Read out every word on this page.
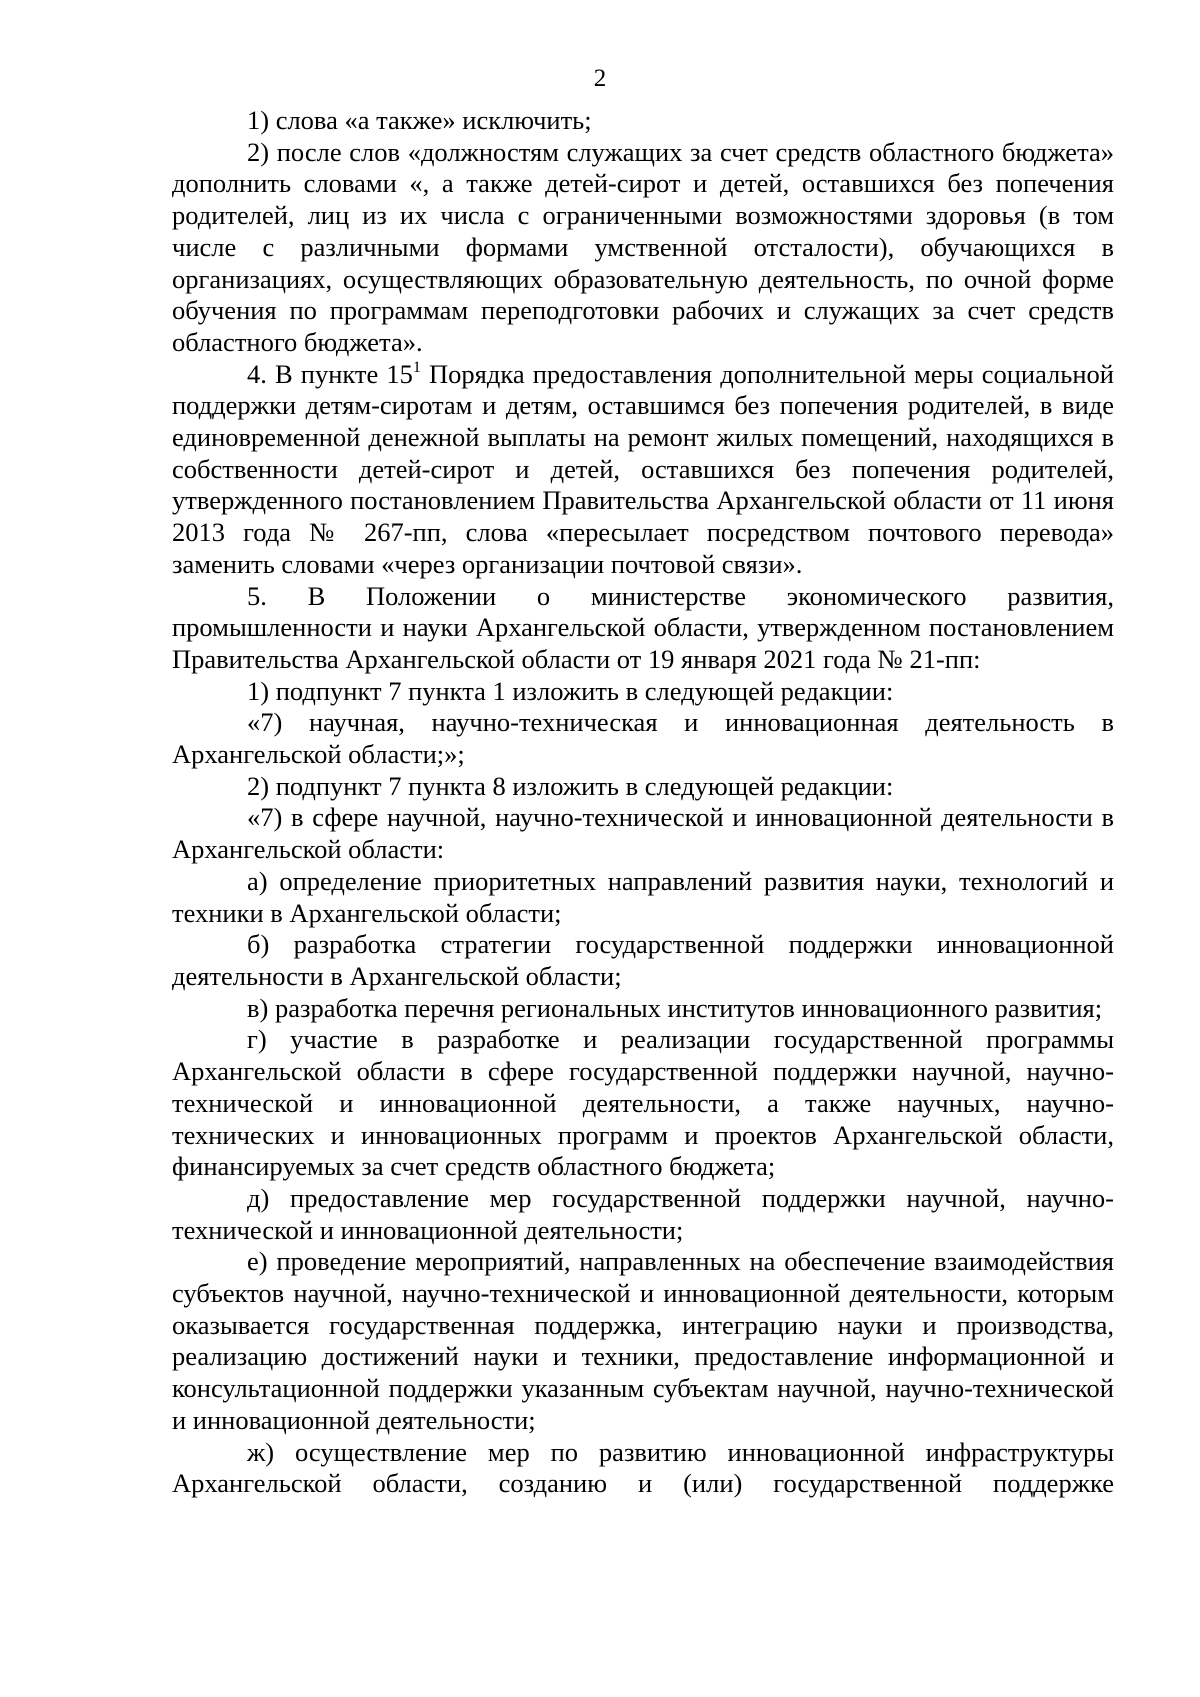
2

1) слова «а также» исключить;

2) после слов «должностям служащих за счет средств областного бюджета» дополнить словами «, а также детей-сирот и детей, оставшихся без попечения родителей, лиц из их числа с ограниченными возможностями здоровья (в том числе с различными формами умственной отсталости), обучающихся в организациях, осуществляющих образовательную деятельность, по очной форме обучения по программам переподготовки рабочих и служащих за счет средств областного бюджета».

4. В пункте $15^1$ Порядка предоставления дополнительной меры социальной поддержки детям-сиротам и детям, оставшимся без попечения родителей, в виде единовременной денежной выплаты на ремонт жилых помещений, находящихся в собственности детей-сирот и детей, оставшихся без попечения родителей, утвержденного постановлением Правительства Архангельской области от 11 июня 2013 года № 267-пп, слова «пересылает посредством почтового перевода» заменить словами «через организации почтовой связи».

5. В Положении о министерстве экономического развития, промышленности и науки Архангельской области, утвержденном постановлением Правительства Архангельской области от 19 января 2021 года № 21-пп:

1) подпункт 7 пункта 1 изложить в следующей редакции:

«7) научная, научно-техническая и инновационная деятельность в Архангельской области;»;

2) подпункт 7 пункта 8 изложить в следующей редакции:

«7) в сфере научной, научно-технической и инновационной деятельности в Архангельской области:

а) определение приоритетных направлений развития науки, технологий и техники в Архангельской области;

б) разработка стратегии государственной поддержки инновационной деятельности в Архангельской области;

в) разработка перечня региональных институтов инновационного развития;

г) участие в разработке и реализации государственной программы Архангельской области в сфере государственной поддержки научной, научно-технической и инновационной деятельности, а также научных, научно-технических и инновационных программ и проектов Архангельской области, финансируемых за счет средств областного бюджета;

д) предоставление мер государственной поддержки научной, научно-технической и инновационной деятельности;

е) проведение мероприятий, направленных на обеспечение взаимодействия субъектов научной, научно-технической и инновационной деятельности, которым оказывается государственная поддержка, интеграцию науки и производства, реализацию достижений науки и техники, предоставление информационной и консультационной поддержки указанным субъектам научной, научно-технической и инновационной деятельности;

ж) осуществление мер по развитию инновационной инфраструктуры Архангельской области, созданию и (или) государственной поддержке
